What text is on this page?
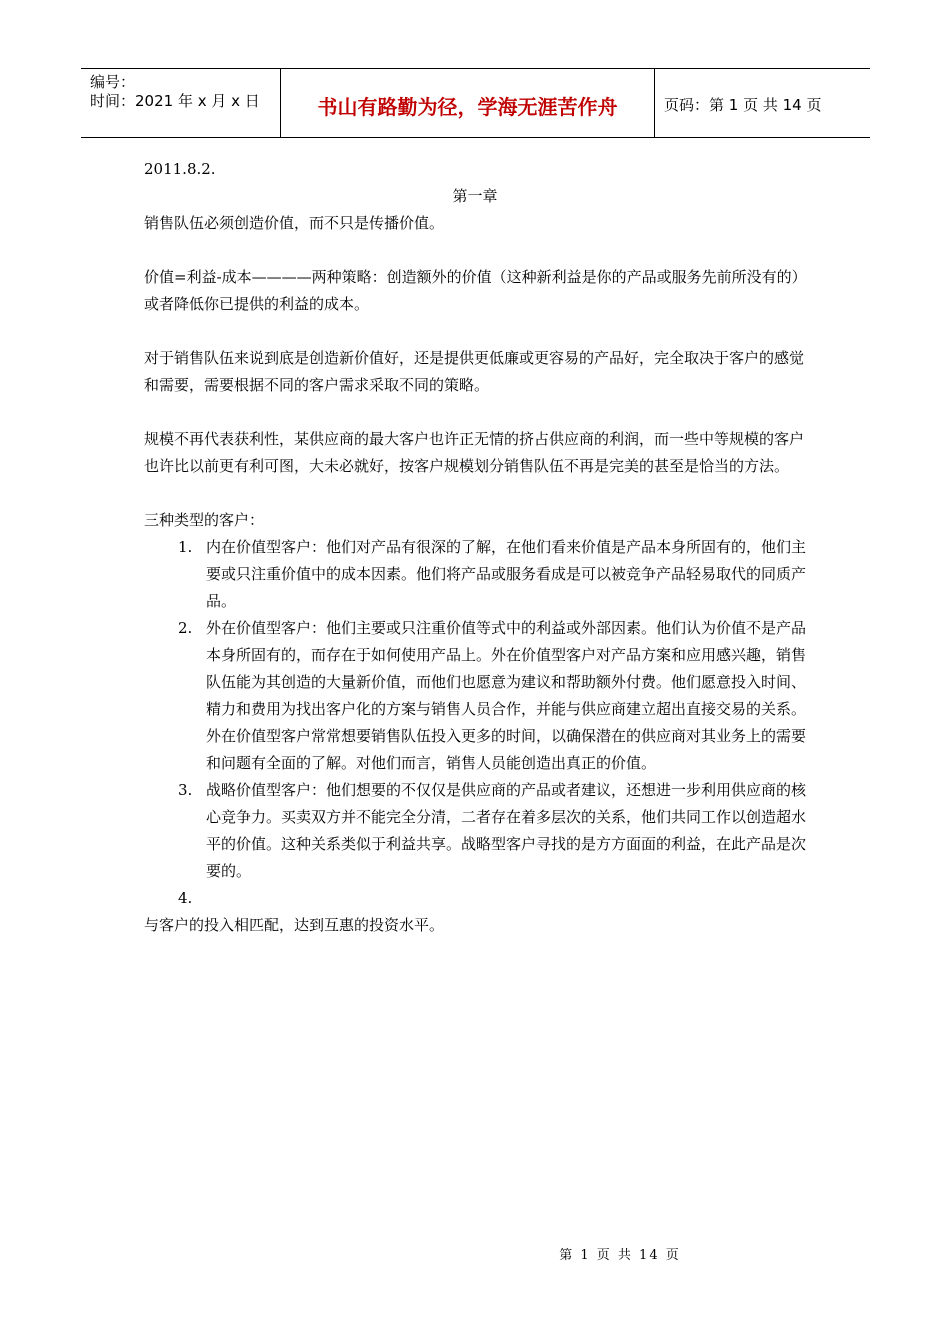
编号：
时间：2021 年 x 月 x 日	书山有路勤为径，学海无涯苦作舟	页码：第 1 页 共 14 页

2011.8.2.

第一章

销售队伍必须创造价值，而不只是传播价值。

价值=利益-成本————两种策略：创造额外的价值（这种新利益是你的产品或服务先前所没有的）或者降低你已提供的利益的成本。

对于销售队伍来说到底是创造新价值好，还是提供更低廉或更容易的产品好，完全取决于客户的感觉和需要，需要根据不同的客户需求采取不同的策略。

规模不再代表获利性，某供应商的最大客户也许正无情的挤占供应商的利润，而一些中等规模的客户也许比以前更有利可图，大未必就好，按客户规模划分销售队伍不再是完美的甚至是恰当的方法。

三种类型的客户：

1. 内在价值型客户：他们对产品有很深的了解，在他们看来价值是产品本身所固有的，他们主要或只注重价值中的成本因素。他们将产品或服务看成是可以被竞争产品轻易取代的同质产品。
2. 外在价值型客户：他们主要或只注重价值等式中的利益或外部因素。他们认为价值不是产品本身所固有的，而存在于如何使用产品上。外在价值型客户对产品方案和应用感兴趣，销售队伍能为其创造的大量新价值，而他们也愿意为建议和帮助额外付费。他们愿意投入时间、精力和费用为找出客户化的方案与销售人员合作，并能与供应商建立超出直接交易的关系。外在价值型客户常常想要销售队伍投入更多的时间，以确保潜在的供应商对其业务上的需要和问题有全面的了解。对他们而言，销售人员能创造出真正的价值。
3. 战略价值型客户：他们想要的不仅仅是供应商的产品或者建议，还想进一步利用供应商的核心竞争力。买卖双方并不能完全分清，二者存在着多层次的关系，他们共同工作以创造超水平的价值。这种关系类似于利益共享。战略型客户寻找的是方方面面的利益，在此产品是次要的。
4.

与客户的投入相匹配，达到互惠的投资水平。

第 1 页 共 14 页
